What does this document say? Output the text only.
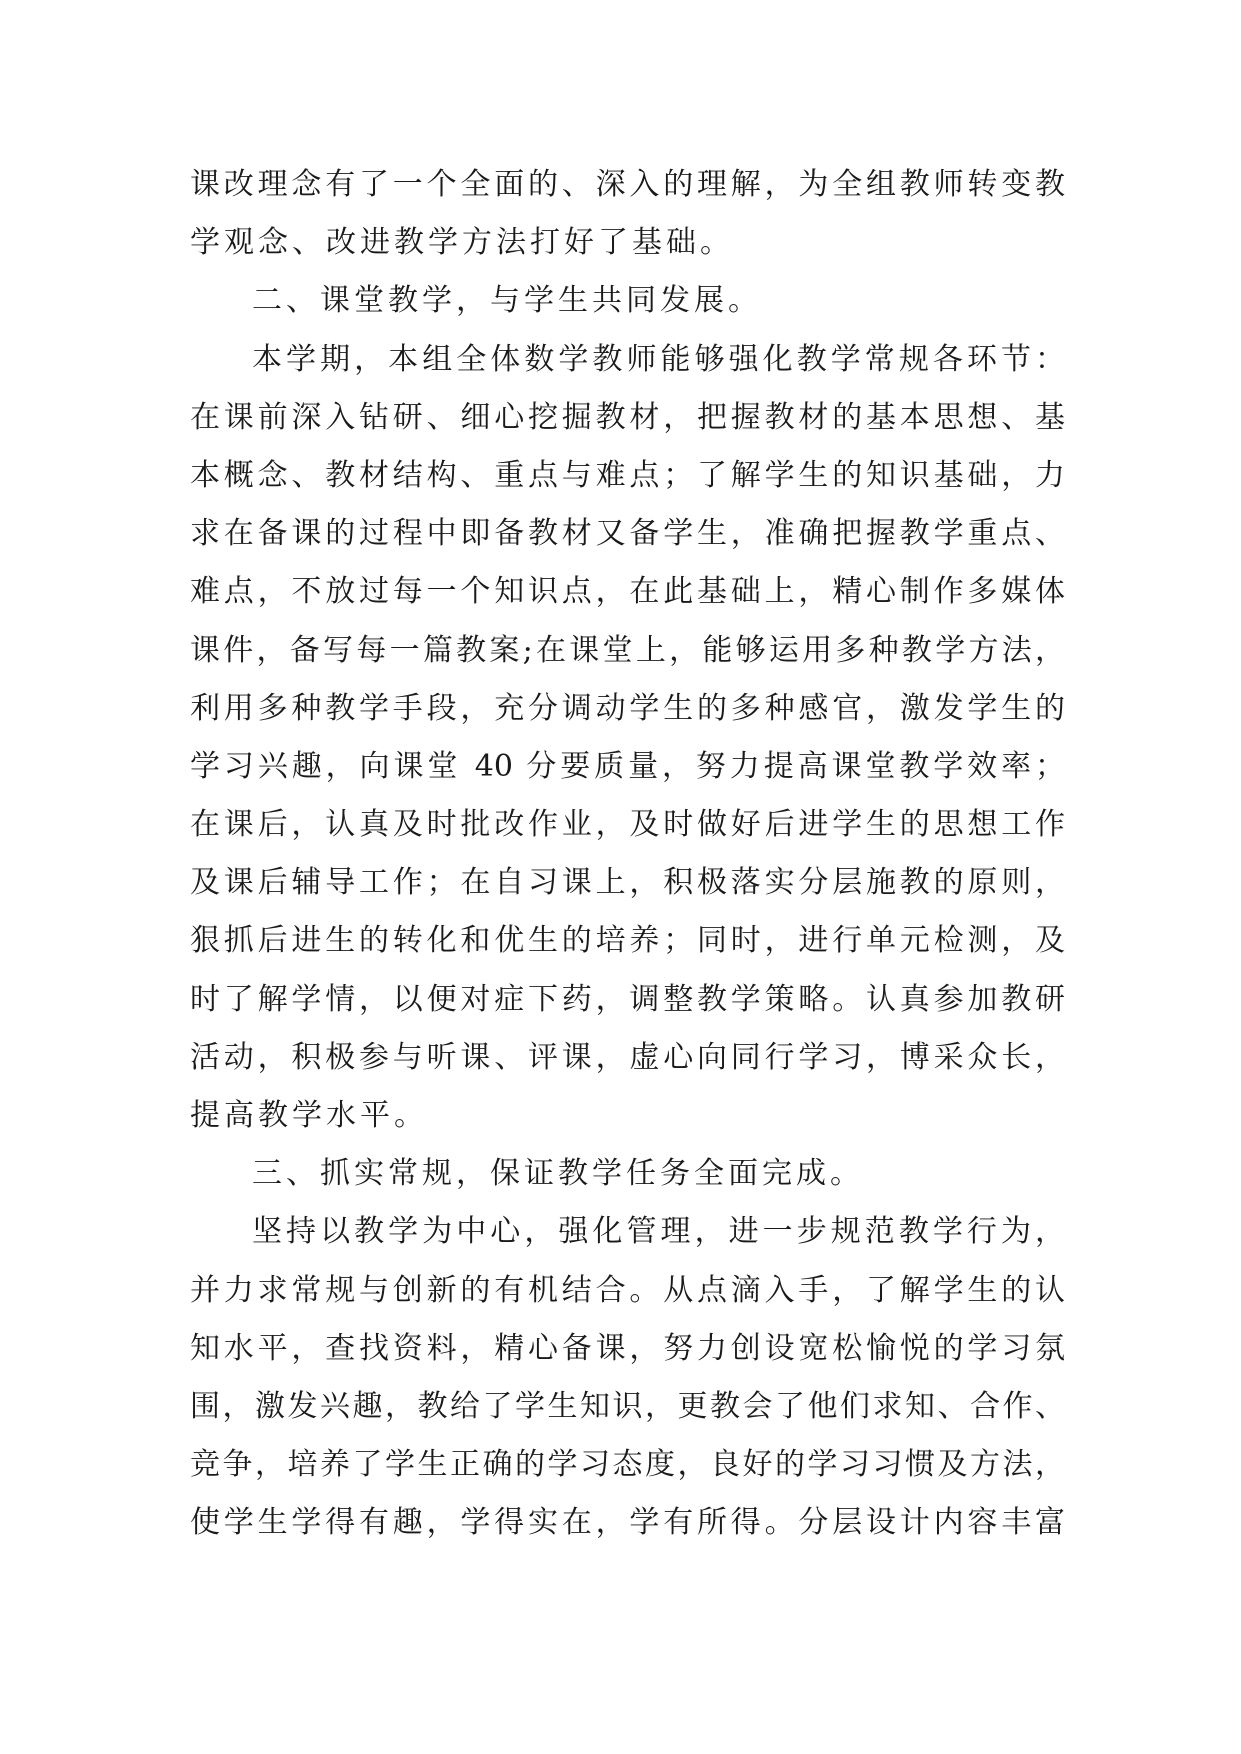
课改理念有了一个全面的、深入的理解，为全组教师转变教
学观念、改进教学方法打好了基础。
二、课堂教学，与学生共同发展。
本学期，本组全体数学教师能够强化教学常规各环节：
在课前深入钻研、细心挖掘教材，把握教材的基本思想、基
本概念、教材结构、重点与难点；了解学生的知识基础，力
求在备课的过程中即备教材又备学生，准确把握教学重点、
难点，不放过每一个知识点，在此基础上，精心制作多媒体
课件，备写每一篇教案;在课堂上，能够运用多种教学方法，
利用多种教学手段，充分调动学生的多种感官，激发学生的
学习兴趣，向课堂 40 分要质量，努力提高课堂教学效率；
在课后，认真及时批改作业，及时做好后进学生的思想工作
及课后辅导工作；在自习课上，积极落实分层施教的原则，
狠抓后进生的转化和优生的培养；同时，进行单元检测，及
时了解学情，以便对症下药，调整教学策略。认真参加教研
活动，积极参与听课、评课，虚心向同行学习，博采众长，
提高教学水平。
三、抓实常规，保证教学任务全面完成。
坚持以教学为中心，强化管理，进一步规范教学行为，
并力求常规与创新的有机结合。从点滴入手，了解学生的认
知水平，查找资料，精心备课，努力创设宽松愉悦的学习氛
围，激发兴趣，教给了学生知识，更教会了他们求知、合作、
竞争，培养了学生正确的学习态度，良好的学习习惯及方法，
使学生学得有趣，学得实在，学有所得。分层设计内容丰富
